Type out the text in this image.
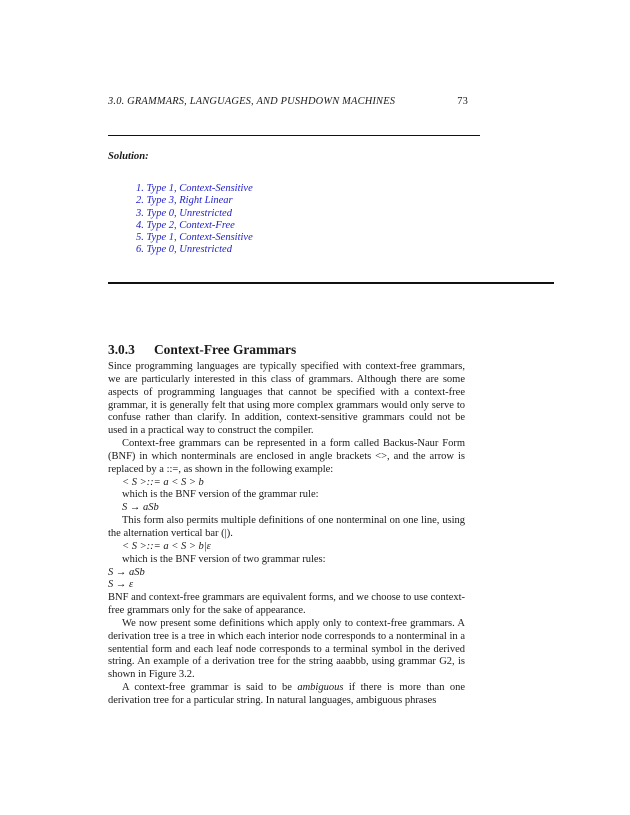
3.0. GRAMMARS, LANGUAGES, AND PUSHDOWN MACHINES	73
Solution:
1. Type 1, Context-Sensitive
2. Type 3, Right Linear
3. Type 0, Unrestricted
4. Type 2, Context-Free
5. Type 1, Context-Sensitive
6. Type 0, Unrestricted
3.0.3 Context-Free Grammars

Since programming languages are typically specified with context-free grammars, we are particularly interested in this class of grammars. Although there are some aspects of programming languages that cannot be specified with a context-free grammar, it is generally felt that using more complex grammars would only serve to confuse rather than clarify. In addition, context-sensitive grammars could not be used in a practical way to construct the compiler.

Context-free grammars can be represented in a form called Backus-Naur Form (BNF) in which nonterminals are enclosed in angle brackets <>, and the arrow is replaced by a ::=, as shown in the following example:

< S >::= a < S > b

which is the BNF version of the grammar rule:

S → aSb

This form also permits multiple definitions of one nonterminal on one line, using the alternation vertical bar (|).

< S >::= a < S > b|ε

which is the BNF version of two grammar rules:

S → aSb

S → ε

BNF and context-free grammars are equivalent forms, and we choose to use context-free grammars only for the sake of appearance.

We now present some definitions which apply only to context-free grammars. A derivation tree is a tree in which each interior node corresponds to a nonterminal in a sentential form and each leaf node corresponds to a terminal symbol in the derived string. An example of a derivation tree for the string aaabbb, using grammar G2, is shown in Figure 3.2.

A context-free grammar is said to be ambiguous if there is more than one derivation tree for a particular string. In natural languages, ambiguous phrases
